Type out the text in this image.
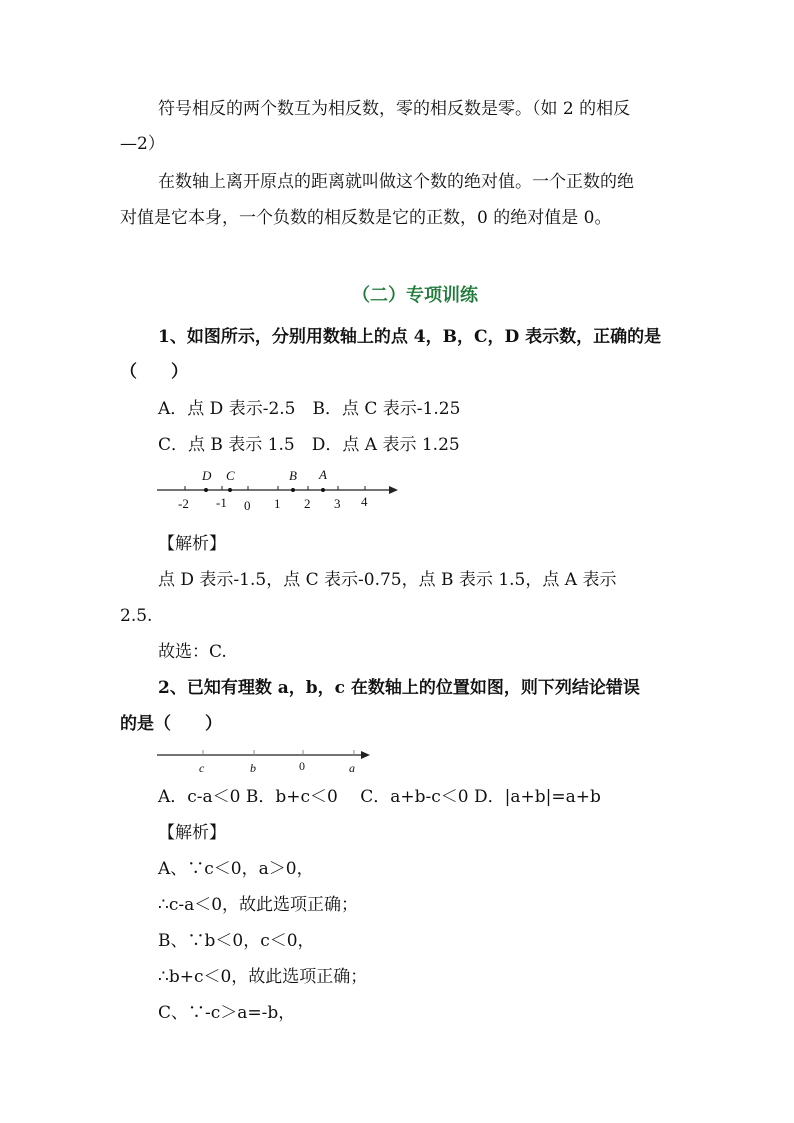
符号相反的两个数互为相反数，零的相反数是零。（如 2 的相反
—2）
在数轴上离开原点的距离就叫做这个数的绝对值。一个正数的绝
对值是它本身，一个负数的相反数是它的正数，0 的绝对值是 0。
（二）专项训练
1、如图所示，分别用数轴上的点 4，B，C，D 表示数，正确的是
（　　）
A．点 D 表示-2.5　B．点 C 表示-1.25
C．点 B 表示 1.5　D．点 A 表示 1.25
D C	B A
-2 -1 0 1 2 3 4
【解析】
点 D 表示-1.5，点 C 表示-0.75，点 B 表示 1.5，点 A 表示
2.5.
故选：C.
2、已知有理数 a，b，c 在数轴上的位置如图，则下列结论错误
的是（　　）
c	b	0	a
A．c-a＜0 B．b+c＜0　 C．a+b-c＜0 D．|a+b|=a+b
【解析】
A、∵c＜0，a＞0，
∴c-a＜0，故此选项正确；
B、∵b＜0，c＜0，
∴b+c＜0，故此选项正确；
C、∵-c＞a=-b，
